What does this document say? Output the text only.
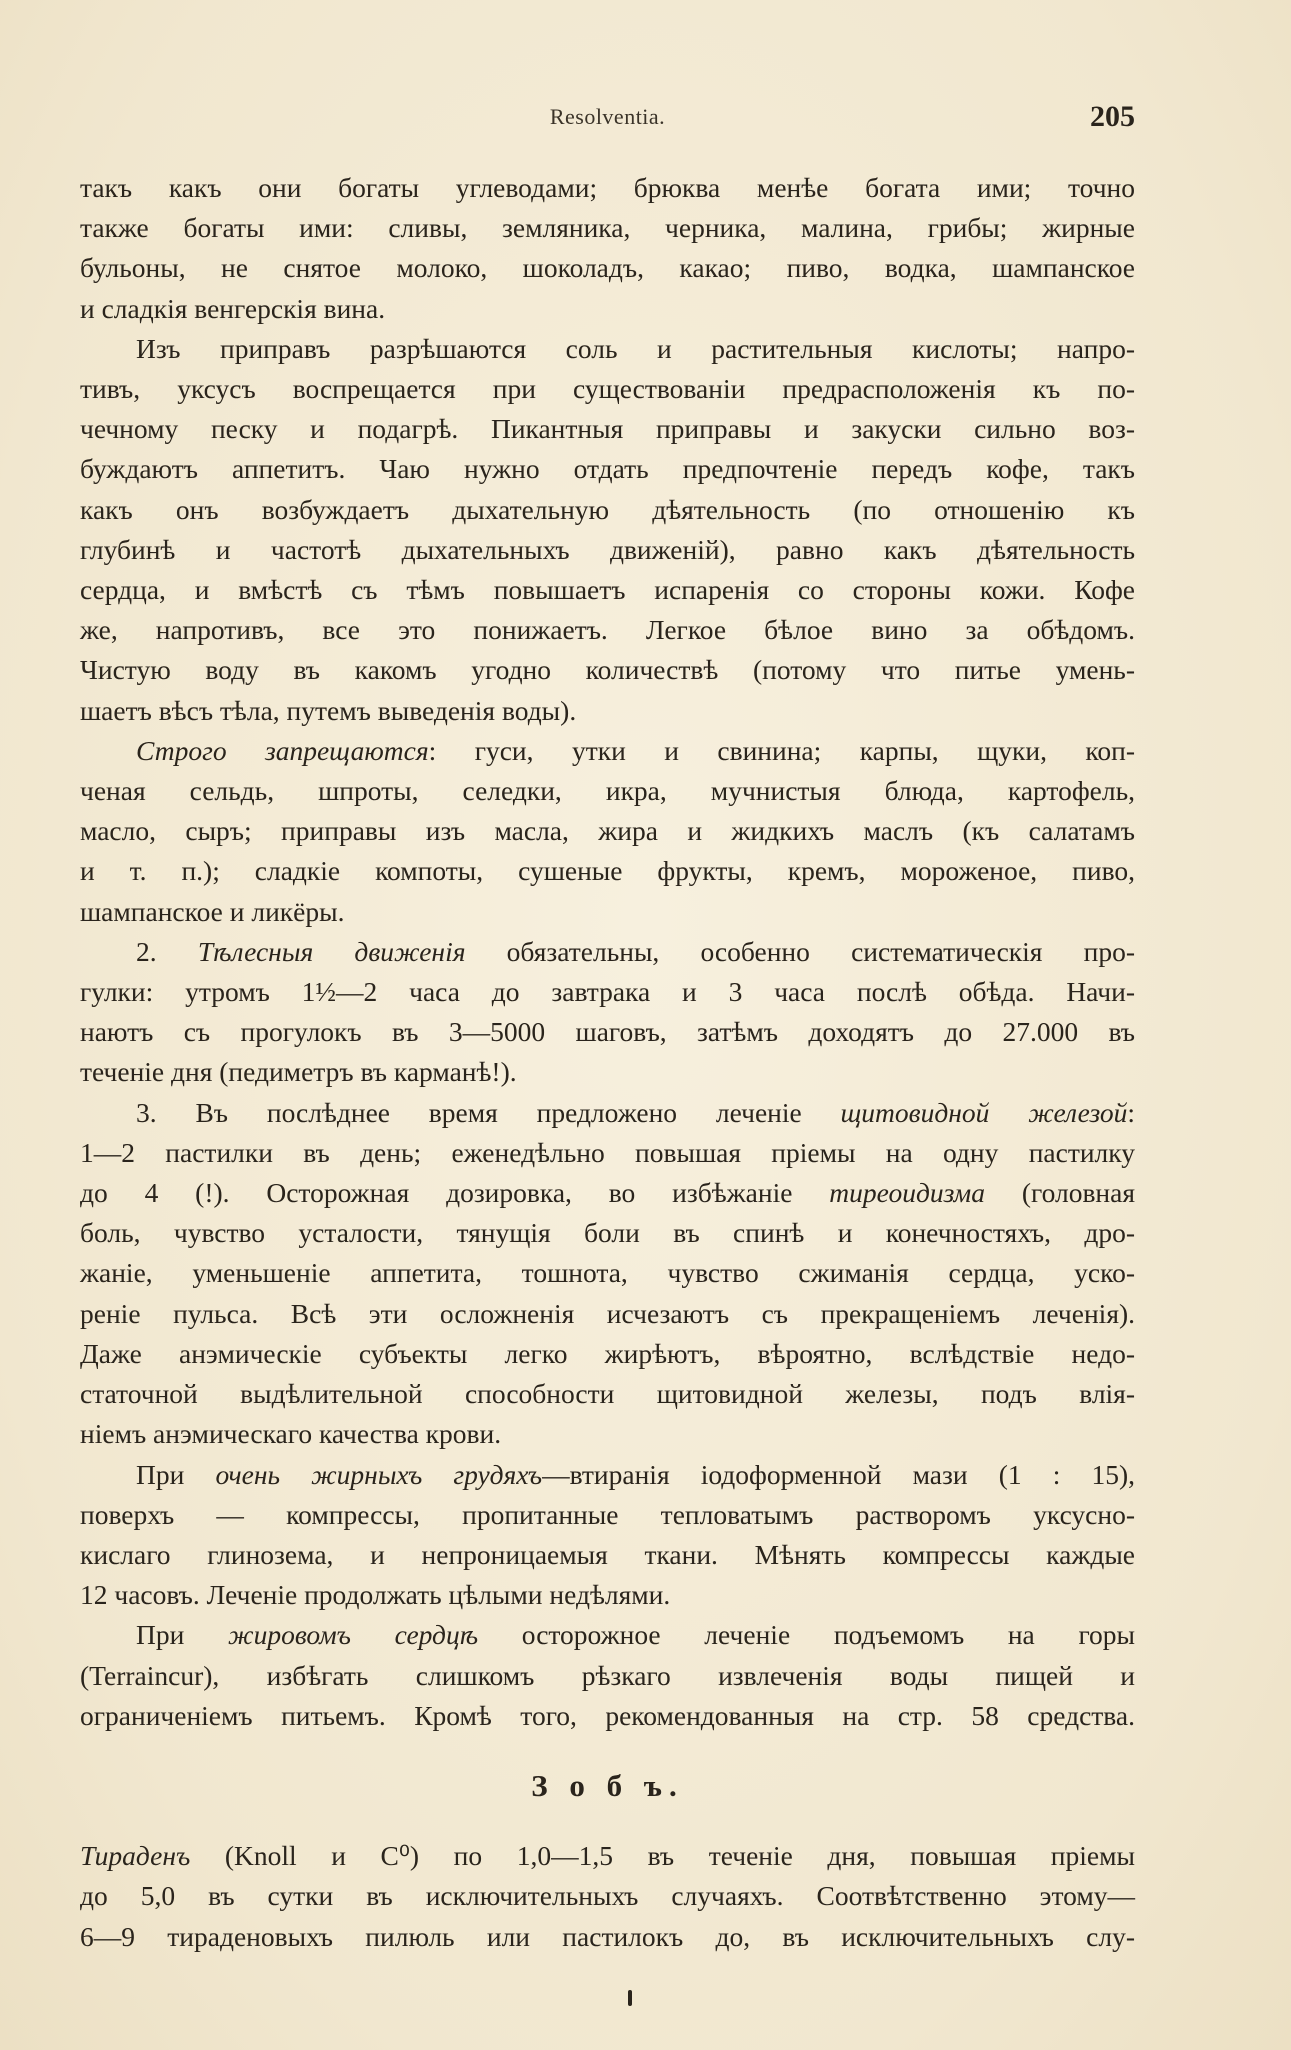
Resolventia.	205
такъ какъ они богаты углеводами; брюква менѣе богата ими; точно
также богаты ими: сливы, земляника, черника, малина, грибы; жирные
бульоны, не снятое молоко, шоколадъ, какао; пиво, водка, шампанское
и сладкія венгерскія вина.
Изъ приправъ разрѣшаются соль и растительныя кислоты; напро-
тивъ, уксусъ воспрещается при существованіи предрасположенія къ по-
чечному песку и подагрѣ. Пикантныя приправы и закуски сильно воз-
буждаютъ аппетитъ. Чаю нужно отдать предпочтеніе передъ кофе, такъ
какъ онъ возбуждаетъ дыхательную дѣятельность (по отношенію къ
глубинѣ и частотѣ дыхательныхъ движеній), равно какъ дѣятельность
сердца, и вмѣстѣ съ тѣмъ повышаетъ испаренія со стороны кожи. Кофе
же, напротивъ, все это понижаетъ. Легкое бѣлое вино за обѣдомъ.
Чистую воду въ какомъ угодно количествѣ (потому что питье умень-
шаетъ вѣсъ тѣла, путемъ выведенія воды).
Строго запрещаются: гуси, утки и свинина; карпы, щуки, коп-
ченая сельдь, шпроты, селедки, икра, мучнистыя блюда, картофель,
масло, сыръ; приправы изъ масла, жира и жидкихъ маслъ (къ салатамъ
и т. п.); сладкіе компоты, сушеные фрукты, кремъ, мороженое, пиво,
шампанское и ликёры.
2. Тѣлесныя движенія обязательны, особенно систематическія про-
гулки: утромъ 1½—2 часа до завтрака и 3 часа послѣ обѣда. Начи-
наютъ съ прогулокъ въ 3—5000 шаговъ, затѣмъ доходятъ до 27.000 въ
теченіе дня (педиметръ въ карманѣ!).
3. Въ послѣднее время предложено леченіе щитовидной железой:
1—2 пастилки въ день; еженедѣльно повышая пріемы на одну пастилку
до 4 (!). Осторожная дозировка, во избѣжаніе тиреоидизма (головная
боль, чувство усталости, тянущія боли въ спинѣ и конечностяхъ, дро-
жаніе, уменьшеніе аппетита, тошнота, чувство сжиманія сердца, уско-
реніе пульса. Всѣ эти осложненія исчезаютъ съ прекращеніемъ леченія).
Даже анэмическіе субъекты легко жирѣютъ, вѣроятно, вслѣдствіе недо-
статочной выдѣлительной способности щитовидной железы, подъ влія-
ніемъ анэмическаго качества крови.
При очень жирныхъ грудяхъ—втиранія іодоформенной мази (1 : 15),
поверхъ — компрессы, пропитанные тепловатымъ растворомъ уксусно-
кислаго глинозема, и непроницаемыя ткани. Мѣнять компрессы каждые
12 часовъ. Леченіе продолжать цѣлыми недѣлями.
При жировомъ сердцѣ осторожное леченіе подъемомъ на горы
(Terraincur), избѣгать слишкомъ рѣзкаго извлеченія воды пищей и
ограниченіемъ питьемъ. Кромѣ того, рекомендованныя на стр. 58 средства.
З о б ъ.
Тираденъ (Knoll и C⁰) по 1,0—1,5 въ теченіе дня, повышая пріемы
до 5,0 въ сутки въ исключительныхъ случаяхъ. Соотвѣтственно этому—
6—9 тираденовыхъ пилюль или пастилокъ до, въ исключительныхъ слу-
